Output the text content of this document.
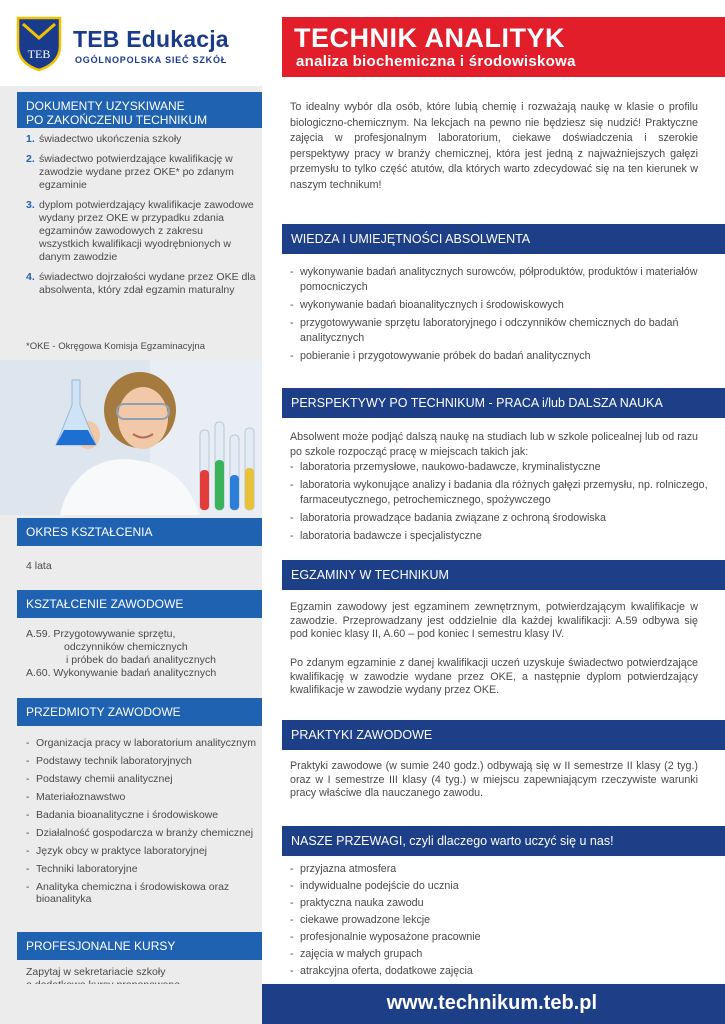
TEB
TEB Edukacja
OGÓLNOPOLSKA SIEĆ SZKÓŁ
TECHNIK ANALITYK
analiza biochemiczna i środowiskowa
DOKUMENTY UZYSKIWANE
PO ZAKOŃCZENIU TECHNIKUM
1. świadectwo ukończenia szkoły
2. świadectwo potwierdzające kwalifikację w zawodzie wydane przez OKE* po zdanym egzaminie
3. dyplom potwierdzający kwalifikacje zawodowe wydany przez OKE w przypadku zdania egzaminów zawodowych z zakresu wszystkich kwalifikacji wyodrębnionych w danym zawodzie
4. świadectwo dojrzałości wydane przez OKE dla absolwenta, który zdał egzamin maturalny
*OKE - Okręgowa Komisja Egzaminacyjna
OKRES KSZTAŁCENIA
4 lata
KSZTAŁCENIE ZAWODOWE
A.59. Przygotowywanie sprzętu,
odczynników chemicznych
i próbek do badań analitycznych
A.60. Wykonywanie badań analitycznych
PRZEDMIOTY ZAWODOWE
- Organizacja pracy w laboratorium analitycznym
- Podstawy technik laboratoryjnych
- Podstawy chemii analitycznej
- Materiałoznawstwo
- Badania bioanalityczne i środowiskowe
- Działalność gospodarcza w branży chemicznej
- Język obcy w praktyce laboratoryjnej
- Techniki laboratoryjne
- Analityka chemiczna i środowiskowa oraz bioanalityka
PROFESJONALNE KURSY
Zapytaj w sekretariacie szkoły
To idealny wybór dla osób, które lubią chemię i rozważają naukę w klasie o profilu biologiczno-chemicznym. Na lekcjach na pewno nie będziesz się nudzić! Praktyczne zajęcia w profesjonalnym laboratorium, ciekawe doświadczenia i szerokie perspektywy pracy w branży chemicznej, która jest jedną z najważniejszych gałęzi przemysłu to tylko część atutów, dla których warto zdecydować się na ten kierunek w naszym technikum!
WIEDZA I UMIEJĘTNOŚCI ABSOLWENTA
- wykonywanie badań analitycznych surowców, półproduktów, produktów i materiałów pomocniczych
- wykonywanie badań bioanalitycznych i środowiskowych
- przygotowywanie sprzętu laboratoryjnego i odczynników chemicznych do badań analitycznych
- pobieranie i przygotowywanie próbek do badań analitycznych
PERSPEKTYWY PO TECHNIKUM - PRACA i/lub DALSZA NAUKA
Absolwent może podjąć dalszą naukę na studiach lub w szkole policealnej lub od razu po szkole rozpocząć pracę w miejscach takich jak:
- laboratoria przemysłowe, naukowo-badawcze, kryminalistyczne
- laboratoria wykonujące analizy i badania dla różnych gałęzi przemysłu, np. rolniczego, farmaceutycznego, petrochemicznego, spożywczego
- laboratoria prowadzące badania związane z ochroną środowiska
- laboratoria badawcze i specjalistyczne
EGZAMINY W TECHNIKUM
Egzamin zawodowy jest egzaminem zewnętrznym, potwierdzającym kwalifikacje w zawodzie. Przeprowadzany jest oddzielnie dla każdej kwalifikacji: A.59 odbywa się pod koniec klasy II, A.60 – pod koniec I semestru klasy IV.
Po zdanym egzaminie z danej kwalifikacji uczeń uzyskuje świadectwo potwierdzające kwalifikację w zawodzie wydane przez OKE, a następnie dyplom potwierdzający kwalifikacje w zawodzie wydany przez OKE.
PRAKTYKI ZAWODOWE
Praktyki zawodowe (w sumie 240 godz.) odbywają się w II semestrze II klasy (2 tyg.) oraz w I semestrze III klasy (4 tyg.) w miejscu zapewniającym rzeczywiste warunki pracy właściwe dla nauczanego zawodu.
NASZE PRZEWAGI, czyli dlaczego warto uczyć się u nas!
- przyjazna atmosfera
- indywidualne podejście do ucznia
- praktyczna nauka zawodu
- ciekawe prowadzone lekcje
- profesjonalnie wyposażone pracownie
- zajęcia w małych grupach
- atrakcyjna oferta, dodatkowe zajęcia
www.technikum.teb.pl
